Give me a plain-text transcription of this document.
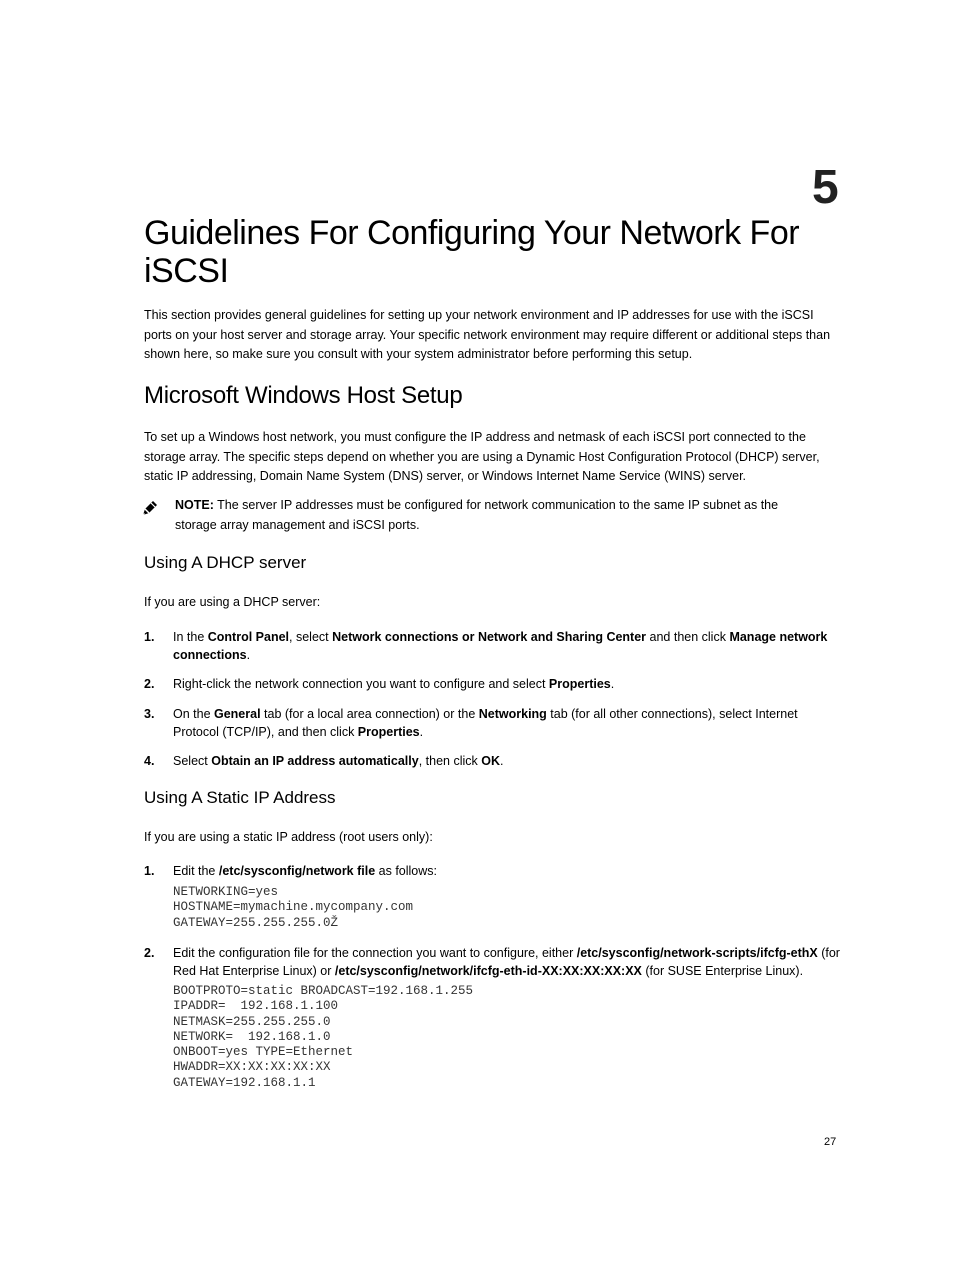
5
Guidelines For Configuring Your Network For iSCSI
This section provides general guidelines for setting up your network environment and IP addresses for use with the iSCSI ports on your host server and storage array. Your specific network environment may require different or additional steps than shown here, so make sure you consult with your system administrator before performing this setup.
Microsoft Windows Host Setup
To set up a Windows host network, you must configure the IP address and netmask of each iSCSI port connected to the storage array. The specific steps depend on whether you are using a Dynamic Host Configuration Protocol (DHCP) server, static IP addressing, Domain Name System (DNS) server, or Windows Internet Name Service (WINS) server.
NOTE: The server IP addresses must be configured for network communication to the same IP subnet as the storage array management and iSCSI ports.
Using A DHCP server
If you are using a DHCP server:
1. In the Control Panel, select Network connections or Network and Sharing Center and then click Manage network connections.
2. Right-click the network connection you want to configure and select Properties.
3. On the General tab (for a local area connection) or the Networking tab (for all other connections), select Internet Protocol (TCP/IP), and then click Properties.
4. Select Obtain an IP address automatically, then click OK.
Using A Static IP Address
If you are using a static IP address (root users only):
1. Edit the /etc/sysconfig/network file as follows:
NETWORKING=yes
HOSTNAME=mymachine.mycompany.com
GATEWAY=255.255.255.0Ž
2. Edit the configuration file for the connection you want to configure, either /etc/sysconfig/network-scripts/ifcfg-ethX (for Red Hat Enterprise Linux) or /etc/sysconfig/network/ifcfg-eth-id-XX:XX:XX:XX:XX (for SUSE Enterprise Linux).
BOOTPROTO=static BROADCAST=192.168.1.255
IPADDR=  192.168.1.100
NETMASK=255.255.255.0
NETWORK=  192.168.1.0
ONBOOT=yes TYPE=Ethernet
HWADDR=XX:XX:XX:XX:XX
GATEWAY=192.168.1.1
27
